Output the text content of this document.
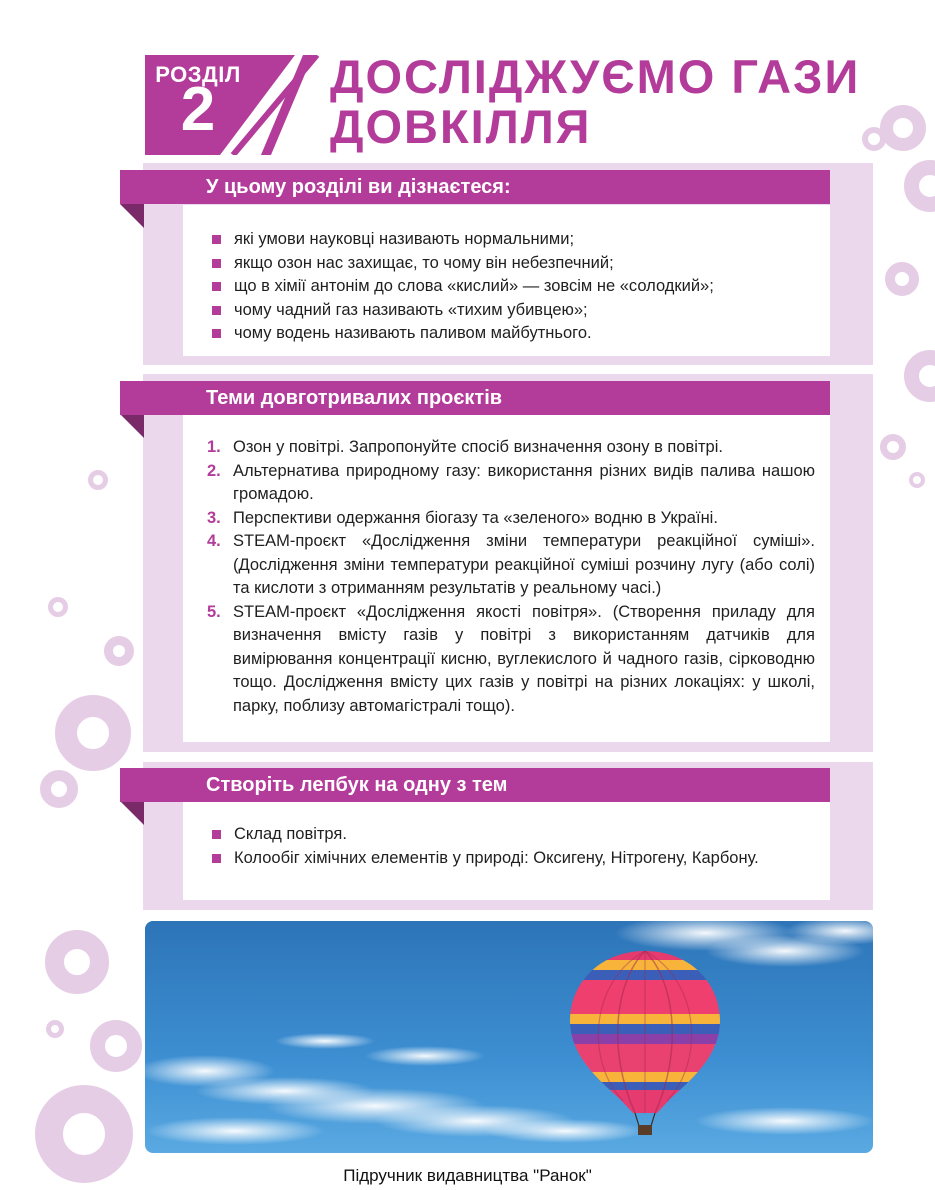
РОЗДІЛ
2	ДОСЛІДЖУЄМО ГАЗИ
ДОВКІЛЛЯ
У цьому розділі ви дізнаєтеся:
які умови науковці називають нормальними;
якщо озон нас захищає, то чому він небезпечний;
що в хімії антонім до слова «кислий» — зовсім не «солодкий»;
чому чадний газ називають «тихим убивцею»;
чому водень називають паливом майбутнього.
Теми довготривалих проєктів
1. Озон у повітрі. Запропонуйте спосіб визначення озону в повітрі.
2. Альтернатива природному газу: використання різних видів палива нашою громадою.
3. Перспективи одержання біогазу та «зеленого» водню в Україні.
4. STEAM-проєкт «Дослідження зміни температури реакційної суміші». (Дослідження зміни температури реакційної суміші розчину лугу (або солі) та кислоти з отриманням результатів у реальному часі.)
5. STEAM-проєкт «Дослідження якості повітря». (Створення приладу для визначення вмісту газів у повітрі з використанням датчиків для вимірювання концентрації кисню, вуглекислого й чадного газів, сірководню тощо. Дослідження вмісту цих газів у повітрі на різних локаціях: у школі, парку, поблизу автомагістралі тощо).
Створіть лепбук на одну з тем
Склад повітря.
Колообіг хімічних елементів у природі: Оксигену, Нітрогену, Карбону.
Підручник видавництва "Ранок"
